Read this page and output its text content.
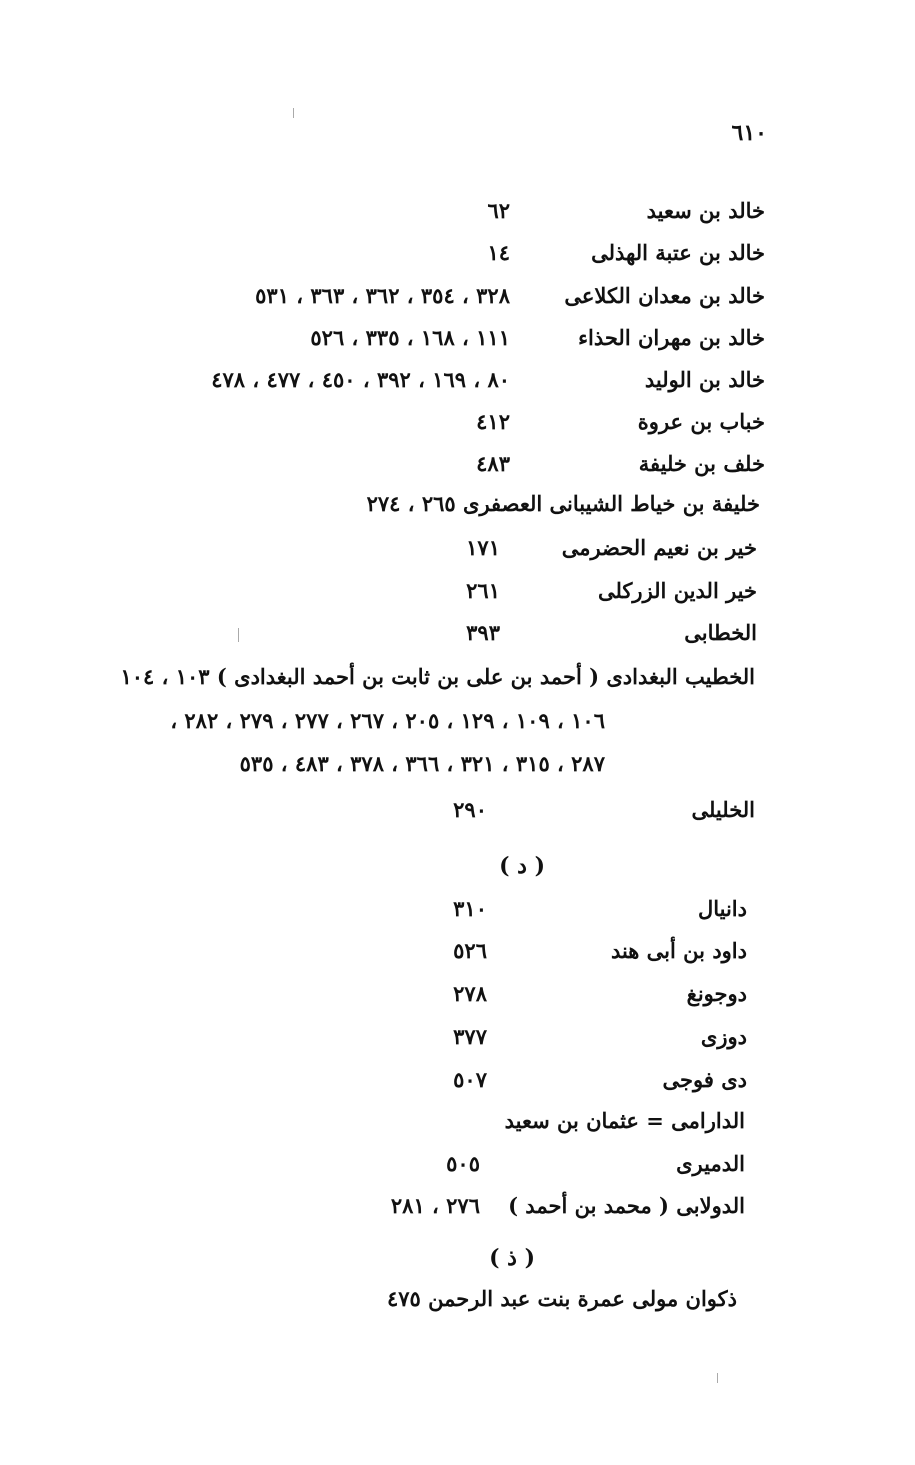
٦١٠
خالد بن سعيد
٦٢
خالد بن عتبة الهذلى
١٤
خالد بن معدان الكلاعى
٣٢٨ ، ٣٥٤ ، ٣٦٢ ، ٣٦٣ ، ٥٣١
خالد بن مهران الحذاء
١١١ ، ١٦٨ ، ٣٣٥ ، ٥٢٦
خالد بن الوليد
٨٠ ، ١٦٩ ، ٣٩٢ ، ٤٥٠ ، ٤٧٧ ، ٤٧٨
خباب بن عروة
٤١٢
خلف بن خليفة
٤٨٣
خليفة بن خياط الشيبانى العصفرى ٢٦٥ ، ٢٧٤
خير بن نعيم الحضرمى
١٧١
خير الدين الزركلى
٢٦١
الخطابى
٣٩٣
الخطيب البغدادى ( أحمد بن على بن ثابت بن أحمد البغدادى ) ١٠٣ ، ١٠٤
١٠٦ ، ١٠٩ ، ١٢٩ ، ٢٠٥ ، ٢٦٧ ، ٢٧٧ ، ٢٧٩ ، ٢٨٢ ،
٢٨٧ ، ٣١٥ ، ٣٢١ ، ٣٦٦ ، ٣٧٨ ، ٤٨٣ ، ٥٣٥
الخليلى
٢٩٠
( د )
دانيال
٣١٠
داود بن أبى هند
٥٢٦
دوجونغ
٢٧٨
دوزى
٣٧٧
دى فوجى
٥٠٧
الدارامى = عثمان بن سعيد
الدميرى
٥٠٥
الدولابى ( محمد بن أحمد )
٢٧٦ ، ٢٨١
( ذ )
ذكوان مولى عمرة بنت عبد الرحمن ٤٧٥
